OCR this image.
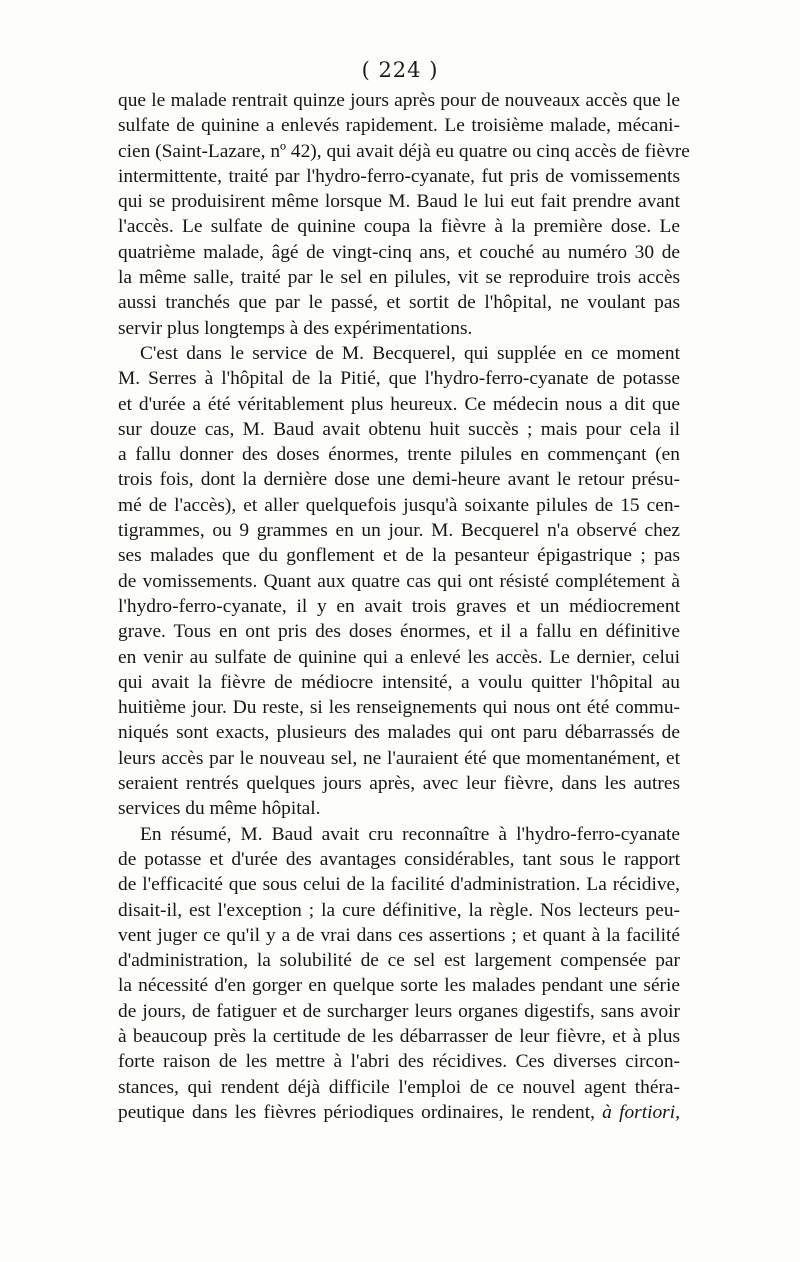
( 224 )
que le malade rentrait quinze jours après pour de nouveaux accès que le
sulfate de quinine a enlevés rapidement. Le troisième malade, mécani-
cien (Saint-Lazare, nº 42), qui avait déjà eu quatre ou cinq accès de fièvre
intermittente, traité par l'hydro-ferro-cyanate, fut pris de vomissements
qui se produisirent même lorsque M. Baud le lui eut fait prendre avant
l'accès. Le sulfate de quinine coupa la fièvre à la première dose. Le
quatrième malade, âgé de vingt-cinq ans, et couché au numéro 30 de
la même salle, traité par le sel en pilules, vit se reproduire trois accès
aussi tranchés que par le passé, et sortit de l'hôpital, ne voulant pas
servir plus longtemps à des expérimentations.
C'est dans le service de M. Becquerel, qui supplée en ce moment
M. Serres à l'hôpital de la Pitié, que l'hydro-ferro-cyanate de potasse
et d'urée a été véritablement plus heureux. Ce médecin nous a dit que
sur douze cas, M. Baud avait obtenu huit succès ; mais pour cela il
a fallu donner des doses énormes, trente pilules en commençant (en
trois fois, dont la dernière dose une demi-heure avant le retour présu-
mé de l'accès), et aller quelquefois jusqu'à soixante pilules de 15 cen-
tigrammes, ou 9 grammes en un jour. M. Becquerel n'a observé chez
ses malades que du gonflement et de la pesanteur épigastrique ; pas
de vomissements. Quant aux quatre cas qui ont résisté complétement à
l'hydro-ferro-cyanate, il y en avait trois graves et un médiocrement
grave. Tous en ont pris des doses énormes, et il a fallu en définitive
en venir au sulfate de quinine qui a enlevé les accès. Le dernier, celui
qui avait la fièvre de médiocre intensité, a voulu quitter l'hôpital au
huitième jour. Du reste, si les renseignements qui nous ont été commu-
niqués sont exacts, plusieurs des malades qui ont paru débarrassés de
leurs accès par le nouveau sel, ne l'auraient été que momentanément, et
seraient rentrés quelques jours après, avec leur fièvre, dans les autres
services du même hôpital.
En résumé, M. Baud avait cru reconnaître à l'hydro-ferro-cyanate
de potasse et d'urée des avantages considérables, tant sous le rapport
de l'efficacité que sous celui de la facilité d'administration. La récidive,
disait-il, est l'exception ; la cure définitive, la règle. Nos lecteurs peu-
vent juger ce qu'il y a de vrai dans ces assertions ; et quant à la facilité
d'administration, la solubilité de ce sel est largement compensée par
la nécessité d'en gorger en quelque sorte les malades pendant une série
de jours, de fatiguer et de surcharger leurs organes digestifs, sans avoir
à beaucoup près la certitude de les débarrasser de leur fièvre, et à plus
forte raison de les mettre à l'abri des récidives. Ces diverses circon-
stances, qui rendent déjà difficile l'emploi de ce nouvel agent théra-
peutique dans les fièvres périodiques ordinaires, le rendent, à fortiori,
